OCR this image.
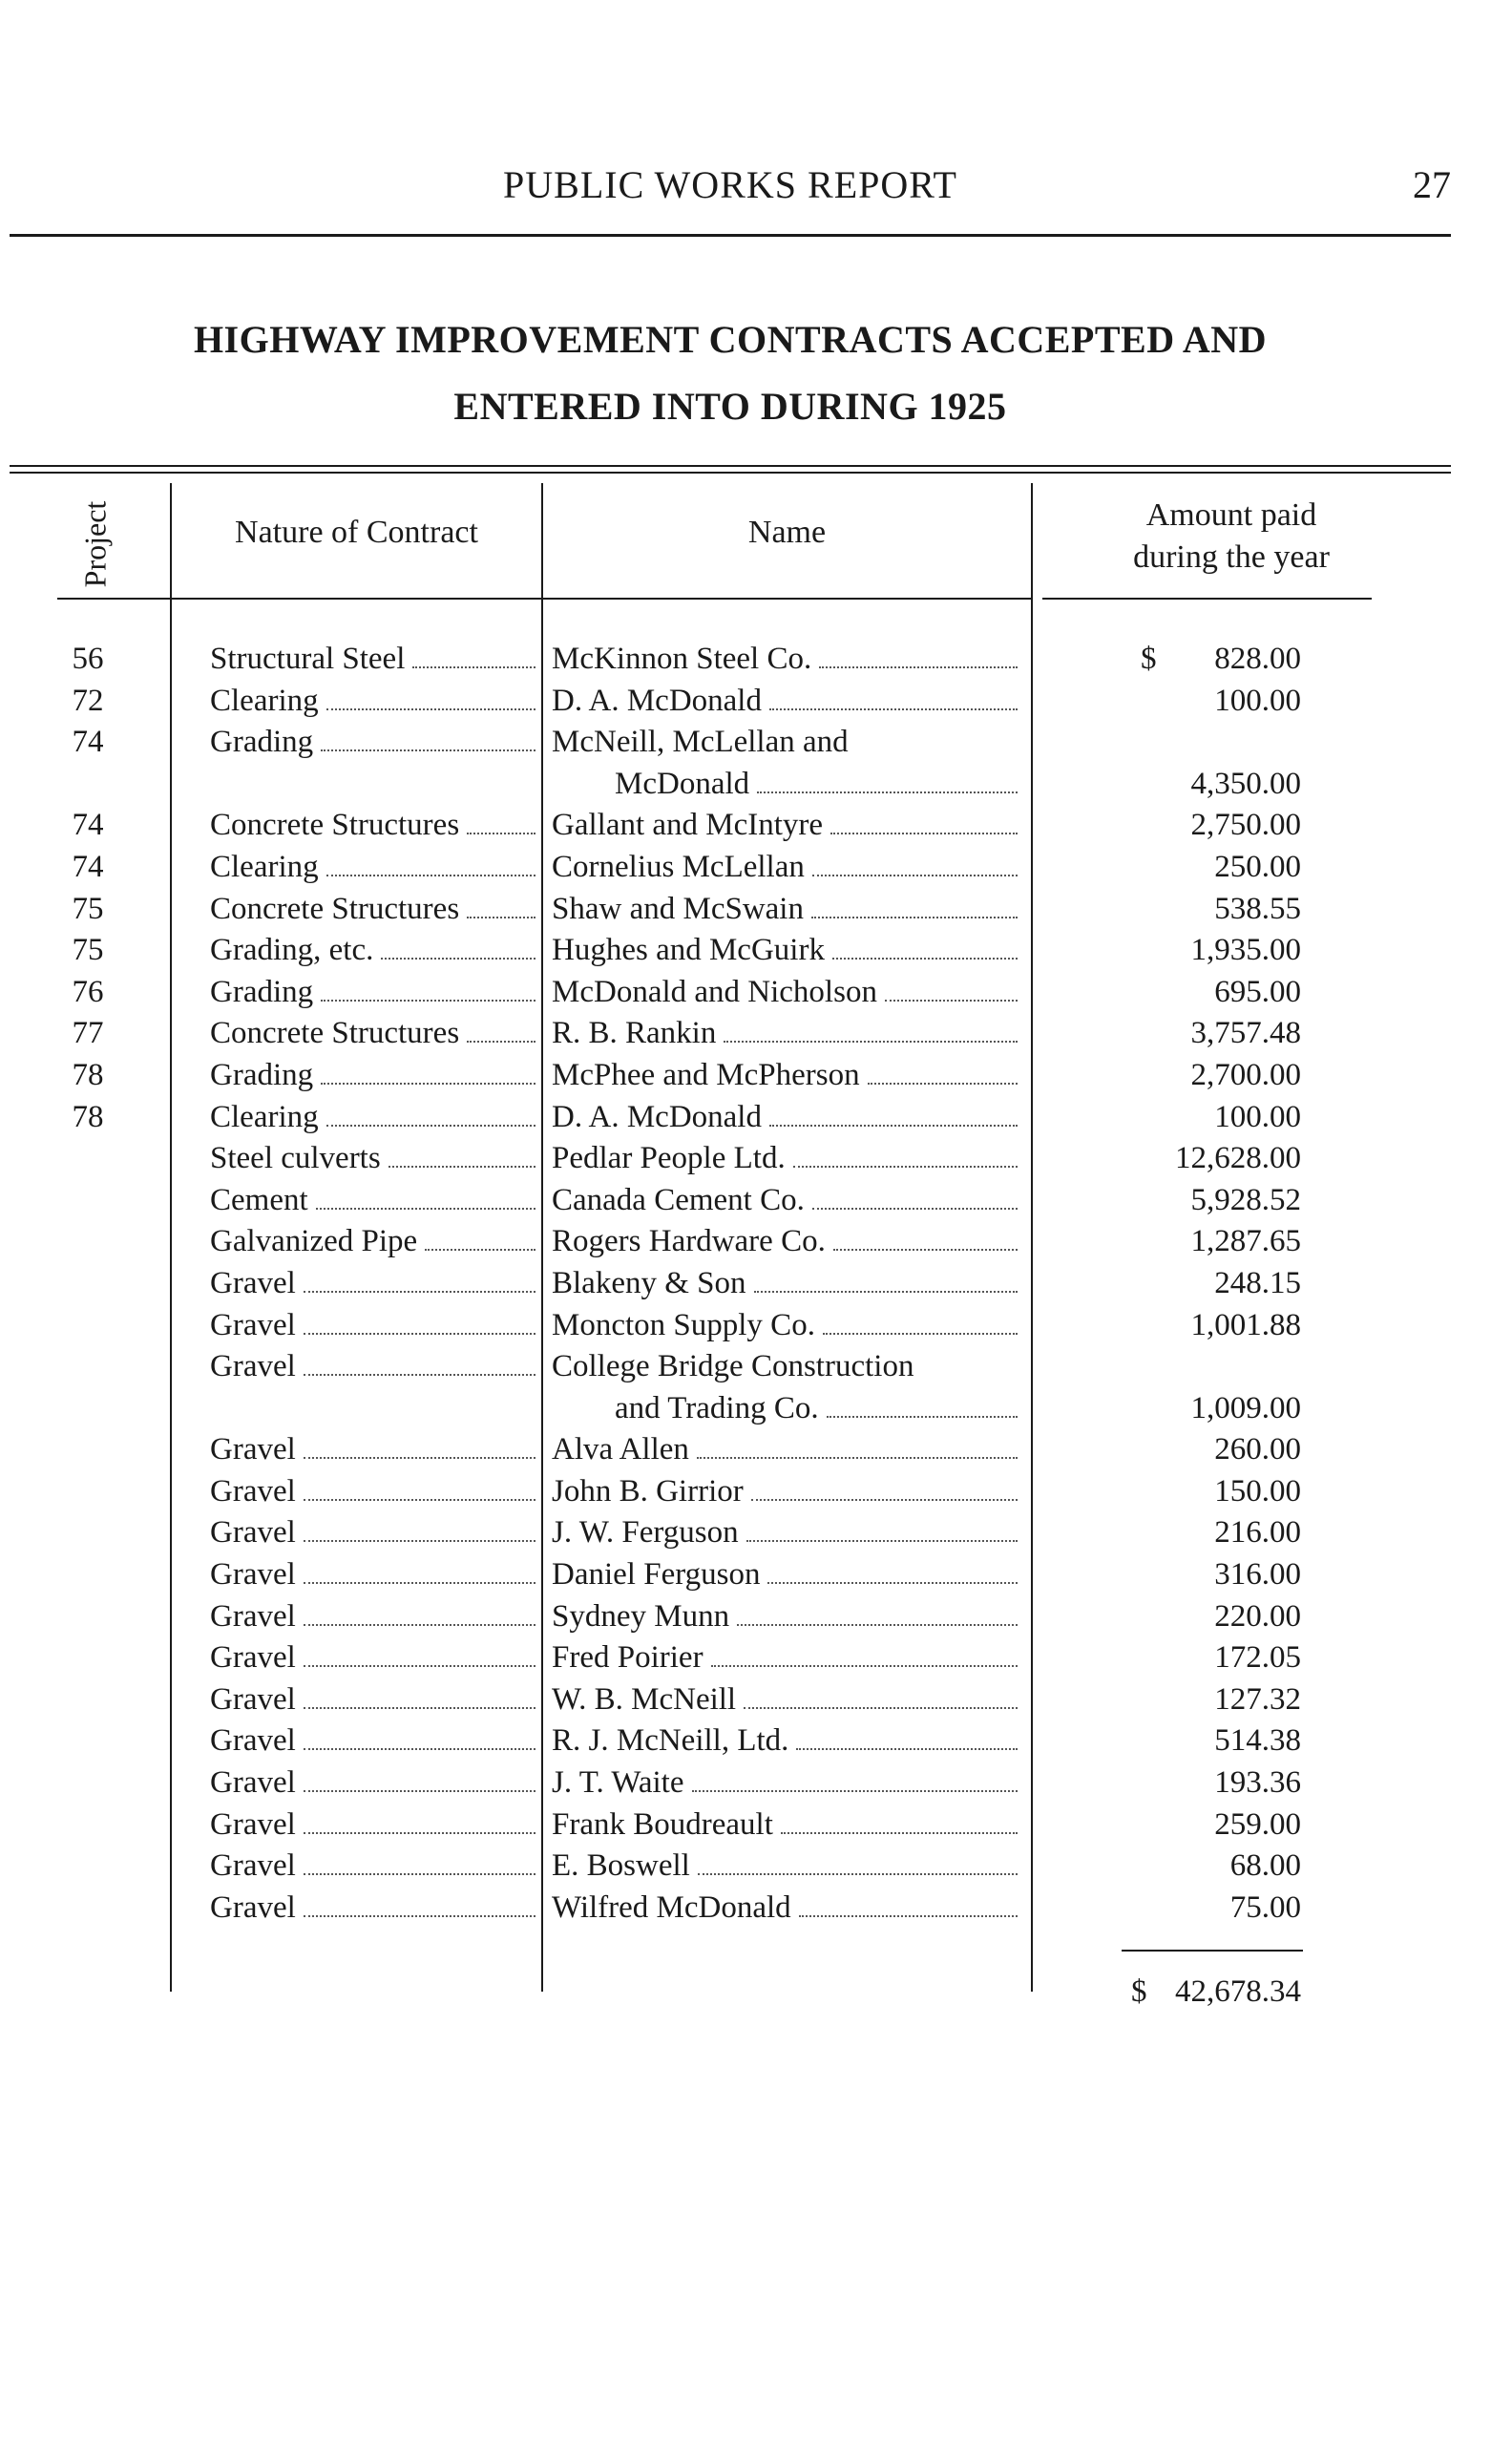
PUBLIC WORKS REPORT	27
HIGHWAY IMPROVEMENT CONTRACTS ACCEPTED AND
ENTERED INTO DURING 1925
Project	Nature of Contract	Name	Amount paid
during the year
56	Structural Steel	McKinnon Steel Co.	$	828.00
72	Clearing	D. A. McDonald	100.00
74	Grading	McNeill, McLellan and
McDonald	4,350.00
74	Concrete Structures	Gallant and McIntyre	2,750.00
74	Clearing	Cornelius McLellan	250.00
75	Concrete Structures	Shaw and McSwain	538.55
75	Grading, etc.	Hughes and McGuirk	1,935.00
76	Grading	McDonald and Nicholson	695.00
77	Concrete Structures	R. B. Rankin	3,757.48
78	Grading	McPhee and McPherson	2,700.00
78	Clearing	D. A. McDonald	100.00
Steel culverts	Pedlar People Ltd.	12,628.00
Cement	Canada Cement Co.	5,928.52
Galvanized Pipe	Rogers Hardware Co.	1,287.65
Gravel	Blakeny & Son	248.15
Gravel	Moncton Supply Co.	1,001.88
Gravel	College Bridge Construction
and Trading Co.	1,009.00
Gravel	Alva Allen	260.00
Gravel	John B. Girrior	150.00
Gravel	J. W. Ferguson	216.00
Gravel	Daniel Ferguson	316.00
Gravel	Sydney Munn	220.00
Gravel	Fred Poirier	172.05
Gravel	W. B. McNeill	127.32
Gravel	R. J. McNeill, Ltd.	514.38
Gravel	J. T. Waite	193.36
Gravel	Frank Boudreault	259.00
Gravel	E. Boswell	68.00
Gravel	Wilfred McDonald	75.00
$ 42,678.34
